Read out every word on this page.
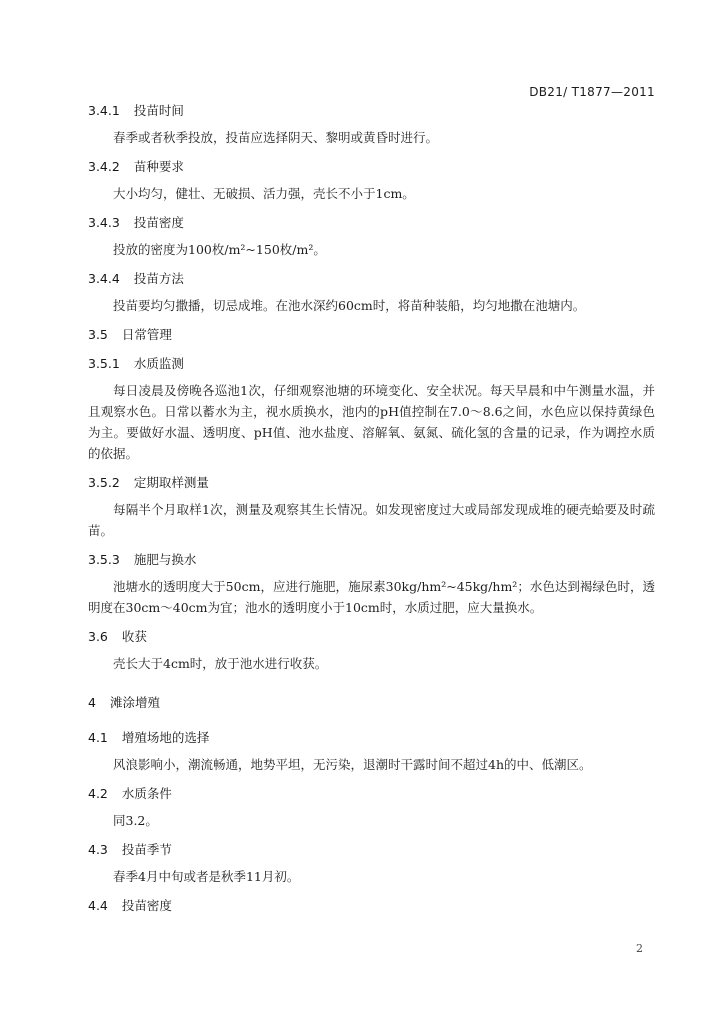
DB21/ T1877—2011
3.4.1 投苗时间
春季或者秋季投放，投苗应选择阴天、黎明或黄昏时进行。
3.4.2 苗种要求
大小均匀，健壮、无破损、活力强，壳长不小于1cm。
3.4.3 投苗密度
投放的密度为100枚/m²~150枚/m²。
3.4.4 投苗方法
投苗要均匀撒播，切忌成堆。在池水深约60cm时，将苗种装船，均匀地撒在池塘内。
3.5 日常管理
3.5.1 水质监测
每日凌晨及傍晚各巡池1次，仔细观察池塘的环境变化、安全状况。每天早晨和中午测量水温，并且观察水色。日常以蓄水为主，视水质换水，池内的pH值控制在7.0～8.6之间，水色应以保持黄绿色为主。要做好水温、透明度、pH值、池水盐度、溶解氧、氨氮、硫化氢的含量的记录，作为调控水质的依据。
3.5.2 定期取样测量
每隔半个月取样1次，测量及观察其生长情况。如发现密度过大或局部发现成堆的硬壳蛤要及时疏苗。
3.5.3 施肥与换水
池塘水的透明度大于50cm，应进行施肥，施尿素30kg/hm²~45kg/hm²；水色达到褐绿色时，透明度在30cm～40cm为宜；池水的透明度小于10cm时，水质过肥，应大量换水。
3.6 收获
壳长大于4cm时，放于池水进行收获。
4 滩涂增殖
4.1 增殖场地的选择
风浪影响小，潮流畅通，地势平坦，无污染，退潮时干露时间不超过4h的中、低潮区。
4.2 水质条件
同3.2。
4.3 投苗季节
春季4月中旬或者是秋季11月初。
4.4 投苗密度
2
